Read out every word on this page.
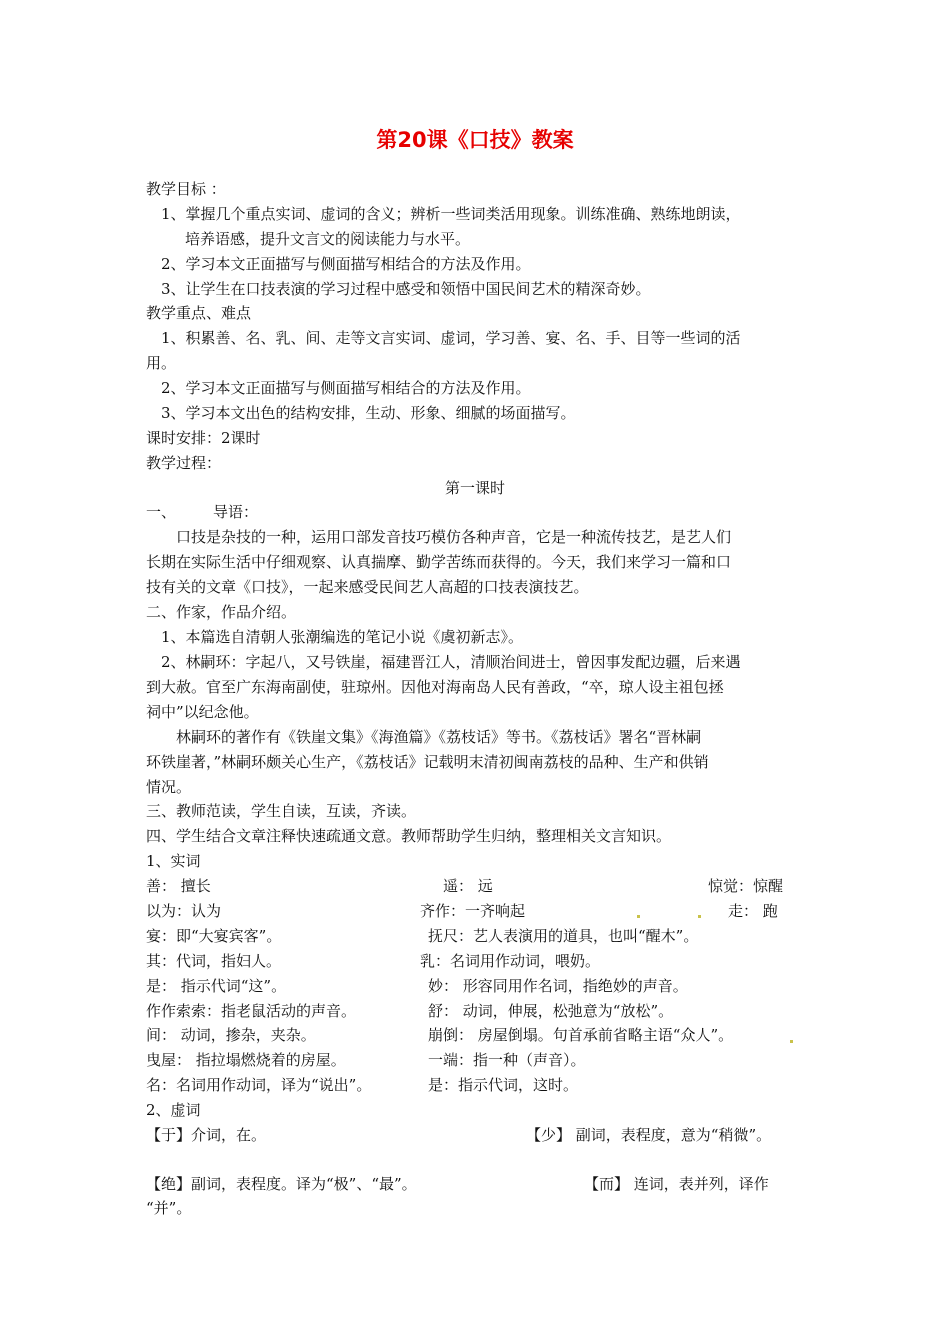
第20课《口技》教案
教学目标 ：
1、掌握几个重点实词、虚词的含义；辨析一些词类活用现象。训练准确、熟练地朗读，
培养语感，提升文言文的阅读能力与水平。
2、学习本文正面描写与侧面描写相结合的方法及作用。
3、让学生在口技表演的学习过程中感受和领悟中国民间艺术的精深奇妙。
教学重点、难点
1、积累善、名、乳、间、走等文言实词、虚词，学习善、宴、名、手、目等一些词的活
用。
2、学习本文正面描写与侧面描写相结合的方法及作用。
3、学习本文出色的结构安排，生动、形象、细腻的场面描写。
课时安排：2课时
教学过程：
第一课时
一、 导语：
口技是杂技的一种，运用口部发音技巧模仿各种声音，它是一种流传技艺，是艺人们
长期在实际生活中仔细观察、认真揣摩、勤学苦练而获得的。今天，我们来学习一篇和口
技有关的文章《口技》，一起来感受民间艺人高超的口技表演技艺。
二、作家，作品介绍。
1、本篇选自清朝人张潮编选的笔记小说《虞初新志》。
2、林嗣环：字起八，又号铁崖，福建晋江人，清顺治间进士，曾因事发配边疆，后来遇
到大赦。官至广东海南副使，驻琼州。因他对海南岛人民有善政，“卒，琼人设主祖包拯
祠中”以纪念他。
林嗣环的著作有《铁崖文集》《海渔篇》《荔枝话》等书。《荔枝话》署名“晋林嗣
环铁崖著，”林嗣环颇关心生产，《荔枝话》记载明末清初闽南荔枝的品种、生产和供销
情况。
三、教师范读，学生自读，互读，齐读。
四、学生结合文章注释快速疏通文意。教师帮助学生归纳，整理相关文言知识。
1、实词
善： 擅长	遥： 远	惊觉：惊醒
以为：认为	齐作：一齐响起	走： 跑
宴：即“大宴宾客”。	抚尺：艺人表演用的道具，也叫“醒木”。
其：代词，指妇人。	乳：名词用作动词，喂奶。
是： 指示代词“这”。	妙： 形容同用作名词，指绝妙的声音。
作作索索：指老鼠活动的声音。	舒： 动词，伸展，松弛意为“放松”。
间： 动词，掺杂，夹杂。	崩倒： 房屋倒塌。句首承前省略主语“众人”。
曳屋： 指拉塌燃烧着的房屋。	一端：指一种（声音）。
名：名词用作动词，译为“说出”。	是：指示代词，这时。
2、虚词
【于】介词，在。	【少】 副词，表程度，意为“稍微”。
【绝】副词，表程度。译为“极”、“最”。	【而】 连词，表并列，译作
“并”。
